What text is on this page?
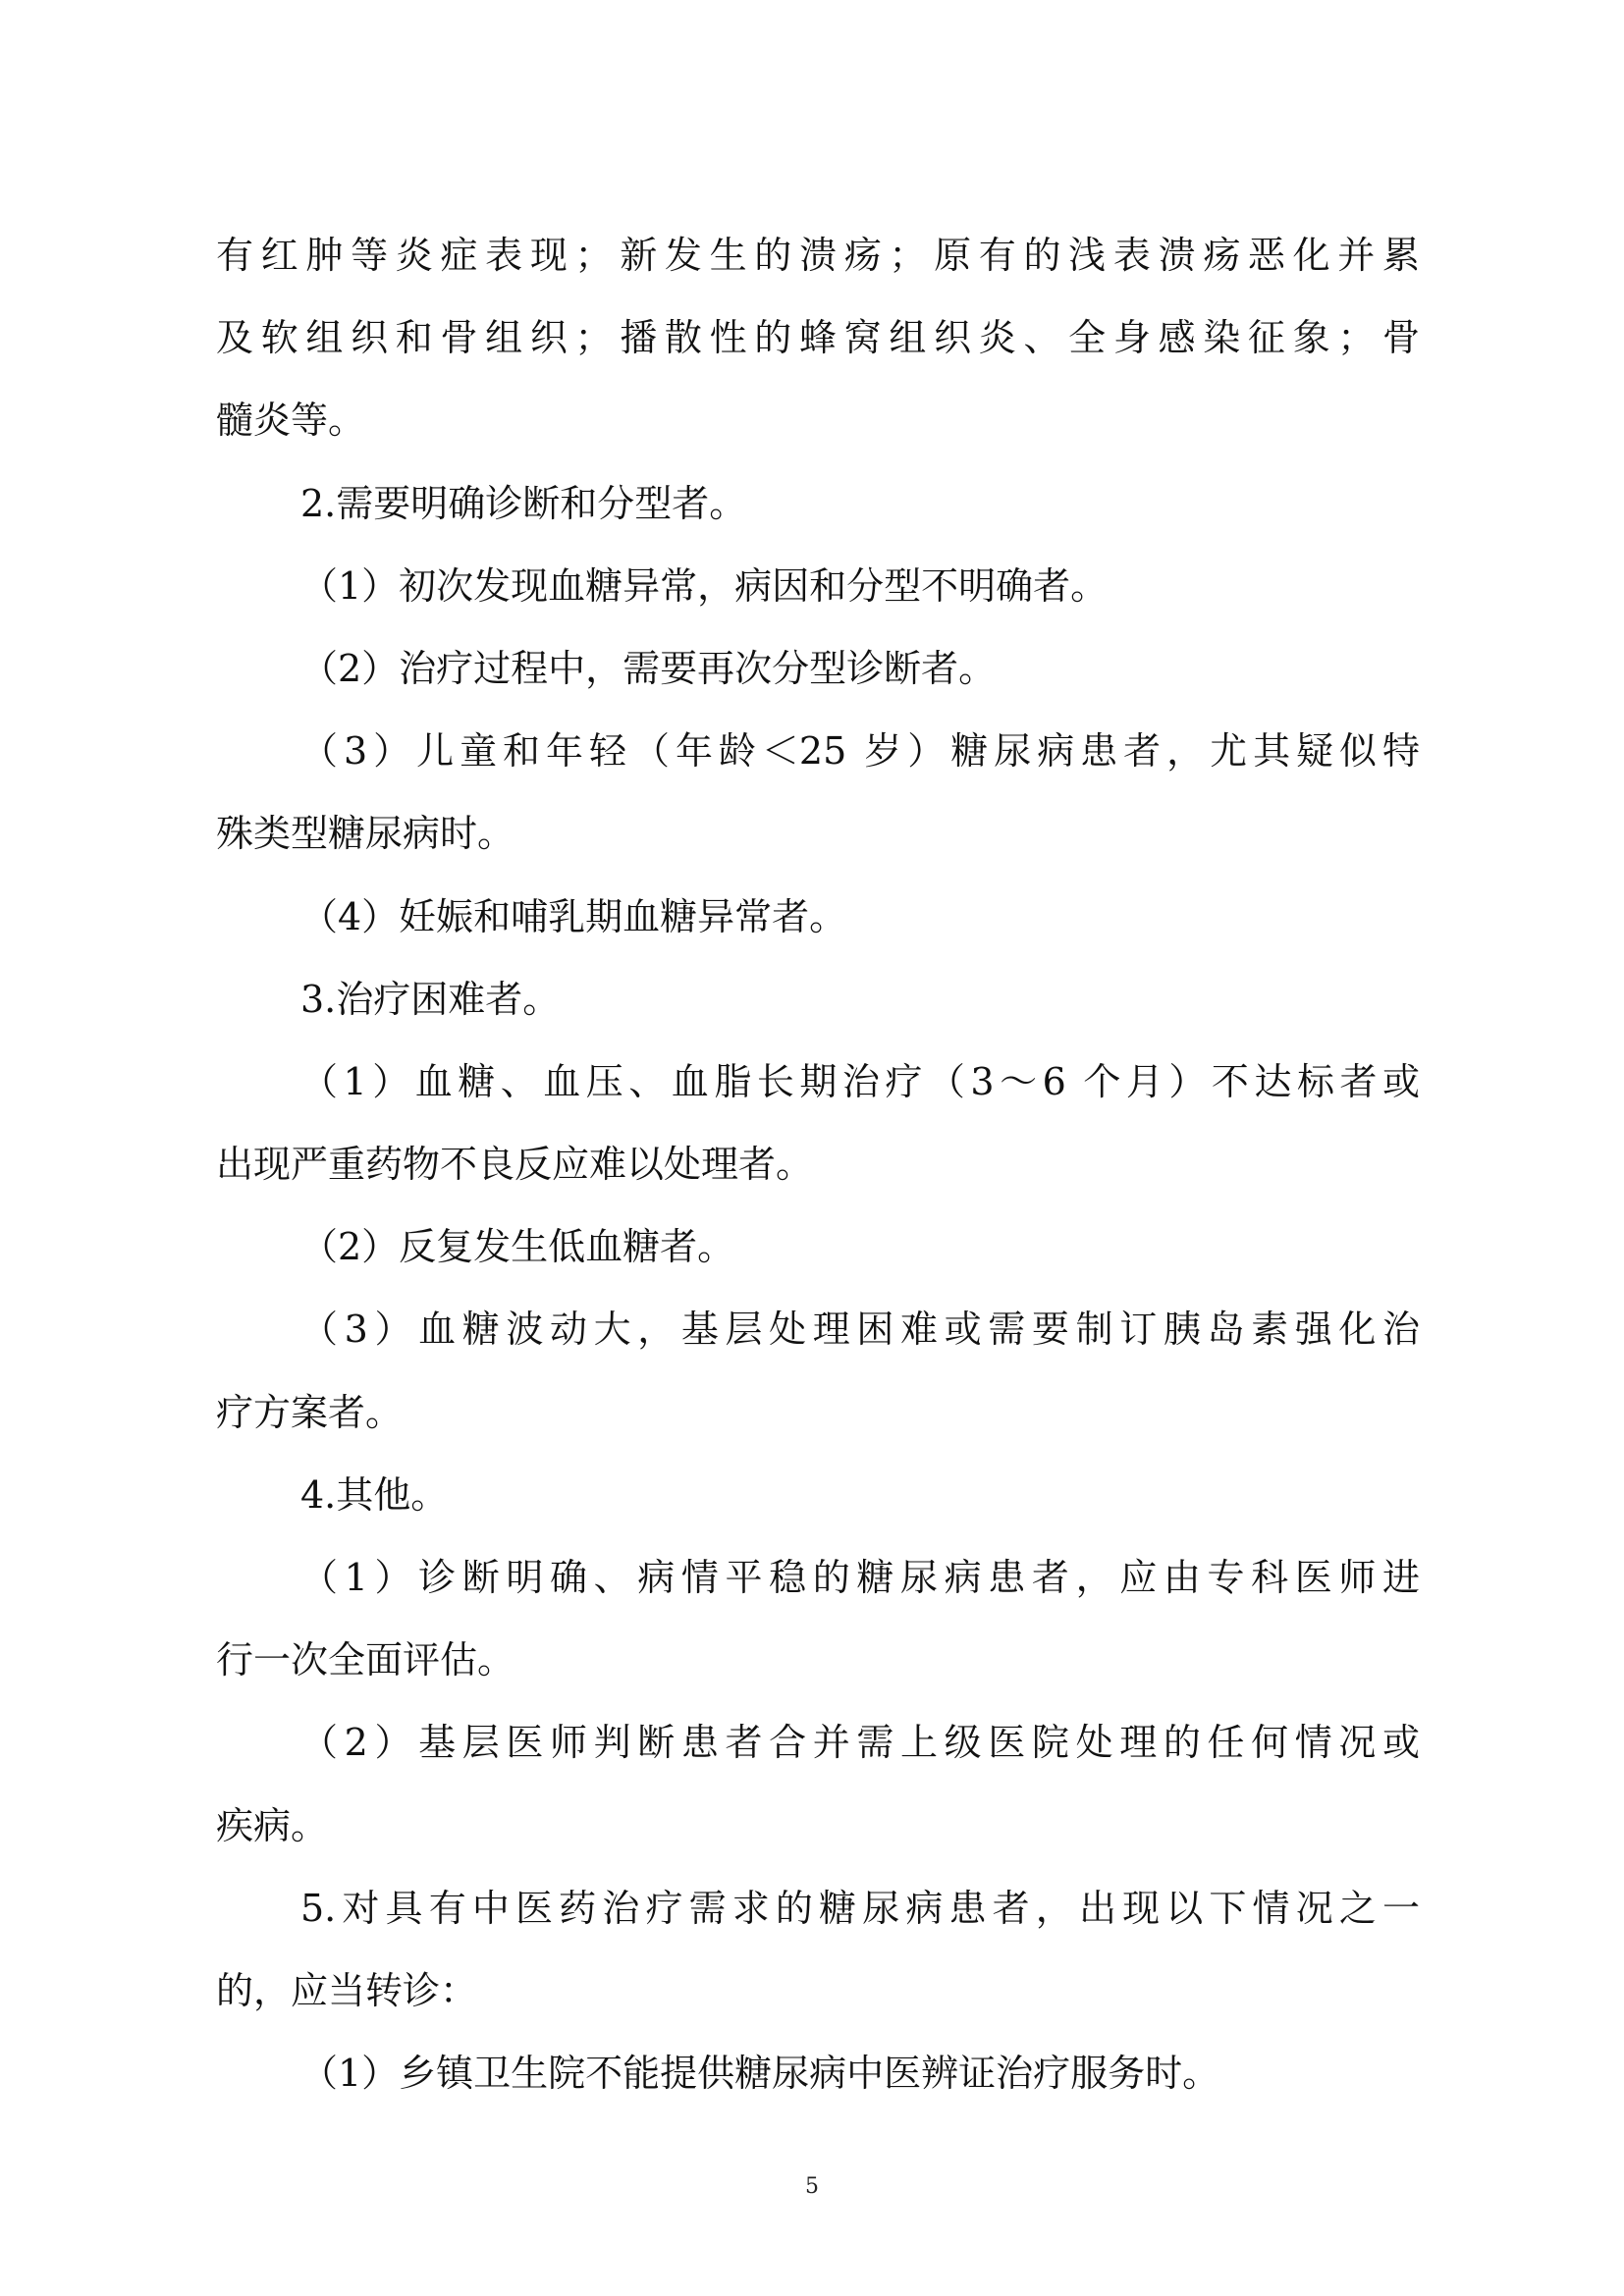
有红肿等炎症表现；新发生的溃疡；原有的浅表溃疡恶化并累
及软组织和骨组织；播散性的蜂窝组织炎、全身感染征象；骨
髓炎等。
2.需要明确诊断和分型者。
（1）初次发现血糖异常，病因和分型不明确者。
（2）治疗过程中，需要再次分型诊断者。
（3）儿童和年轻（年龄＜25 岁）糖尿病患者，尤其疑似特
殊类型糖尿病时。
（4）妊娠和哺乳期血糖异常者。
3.治疗困难者。
（1）血糖、血压、血脂长期治疗（3～6 个月）不达标者或
出现严重药物不良反应难以处理者。
（2）反复发生低血糖者。
（3）血糖波动大，基层处理困难或需要制订胰岛素强化治
疗方案者。
4.其他。
（1）诊断明确、病情平稳的糖尿病患者，应由专科医师进
行一次全面评估。
（2）基层医师判断患者合并需上级医院处理的任何情况或
疾病。
5.对具有中医药治疗需求的糖尿病患者，出现以下情况之一
的，应当转诊：
（1）乡镇卫生院不能提供糖尿病中医辨证治疗服务时。
5
